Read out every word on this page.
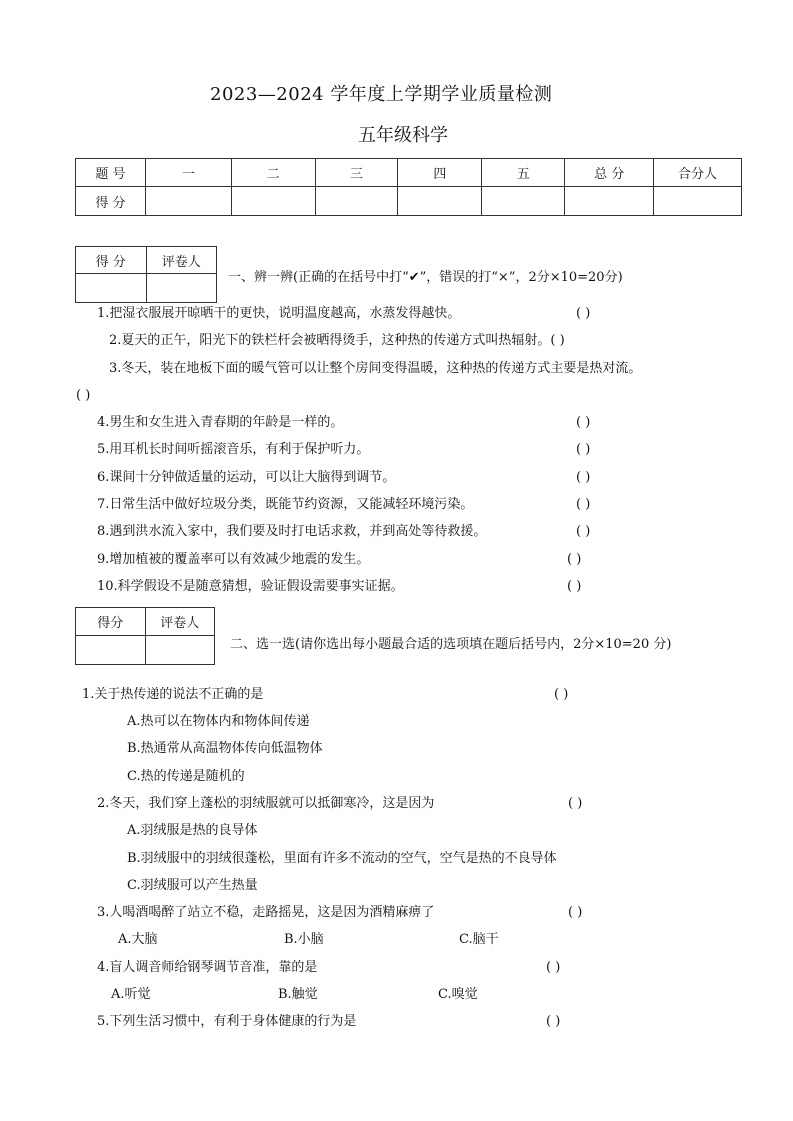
2023—2024 学年度上学期学业质量检测
五年级科学
题 号	一	二	三	四	五	总 分	合分人
得 分							
得 分	评卷人

一、辨一辨(正确的在括号中打“✔”，错误的打“×”，2分×10=20分)
1.把湿衣服展开晾晒干的更快，说明温度越高，水蒸发得越快。	( )
2.夏天的正午，阳光下的铁栏杆会被晒得烫手，这种热的传递方式叫热辐射。( )
3.冬天，装在地板下面的暖气管可以让整个房间变得温暖，这种热的传递方式主要是热对流。
( )
4.男生和女生进入青春期的年龄是一样的。	( )
5.用耳机长时间听摇滚音乐，有利于保护听力。	( )
6.课间十分钟做适量的运动，可以让大脑得到调节。	( )
7.日常生活中做好垃圾分类，既能节约资源，又能减轻环境污染。	( )
8.遇到洪水流入家中，我们要及时打电话求救，并到高处等待救援。	( )
9.增加植被的覆盖率可以有效减少地震的发生。	( )
10.科学假设不是随意猜想，验证假设需要事实证据。	( )
得分	评卷人

二、选一选(请你选出每小题最合适的选项填在题后括号内，2分×10=20 分)
1.关于热传递的说法不正确的是	( )
A.热可以在物体内和物体间传递
B.热通常从高温物体传向低温物体
C.热的传递是随机的
2.冬天，我们穿上蓬松的羽绒服就可以抵御寒冷，这是因为	( )
A.羽绒服是热的良导体
B.羽绒服中的羽绒很蓬松，里面有许多不流动的空气，空气是热的不良导体
C.羽绒服可以产生热量
3.人喝酒喝醉了站立不稳，走路摇晃，这是因为酒精麻痹了	( )
A.大脑	B.小脑	C.脑干
4.盲人调音师给钢琴调节音准，靠的是	( )
A.听觉	B.触觉	C.嗅觉
5.下列生活习惯中，有利于身体健康的行为是	( )
